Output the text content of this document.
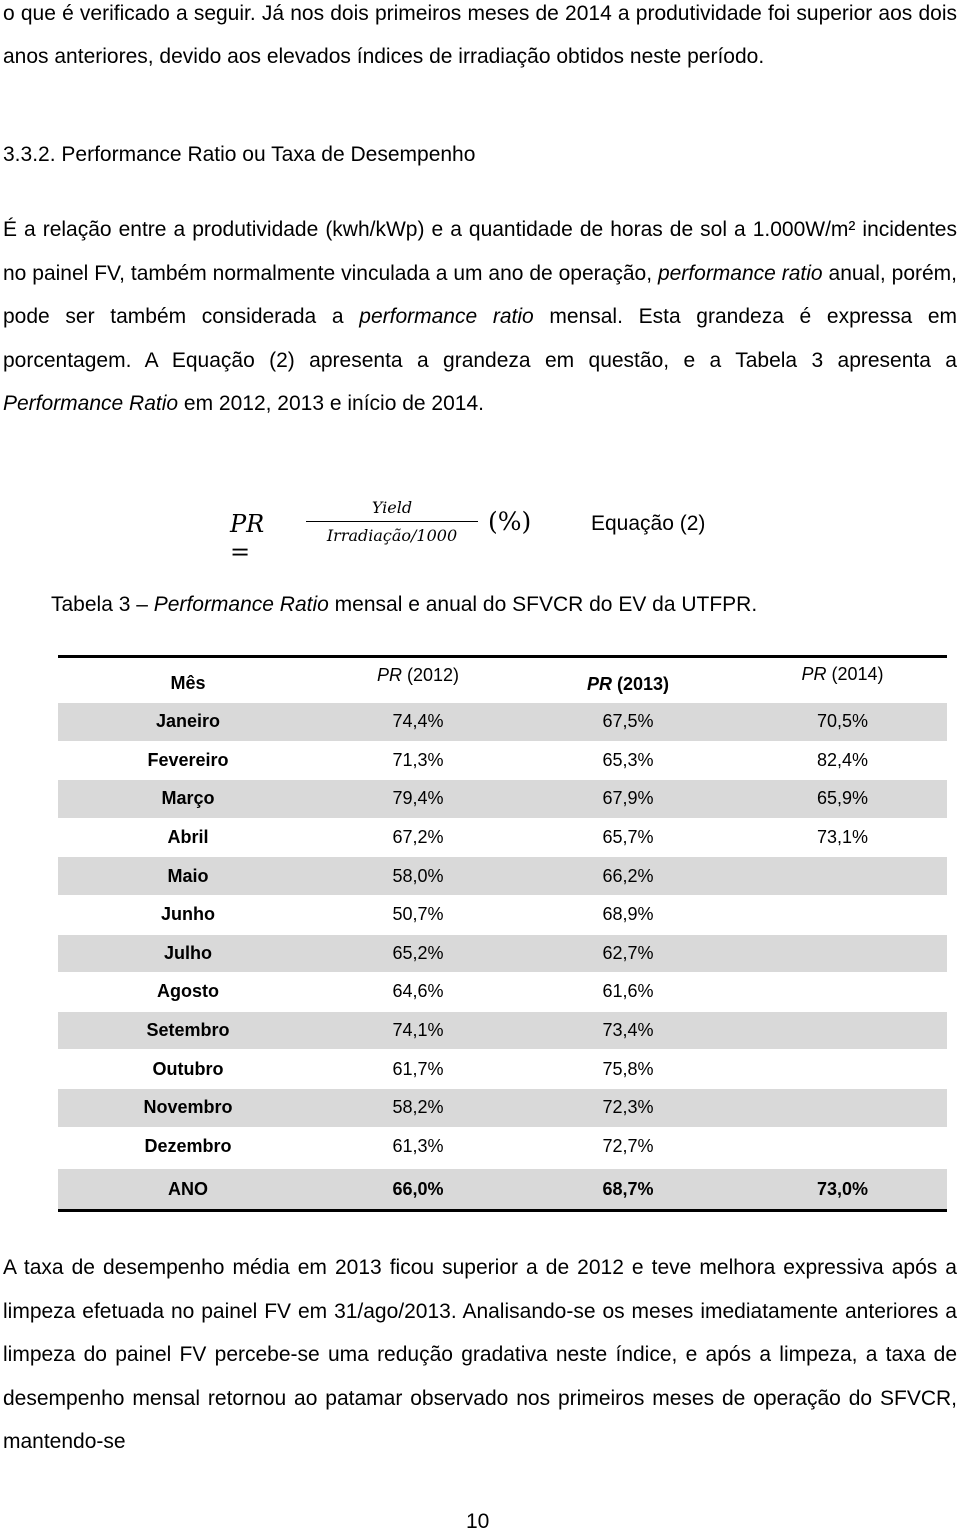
o que é verificado a seguir. Já nos dois primeiros meses de 2014 a produtividade foi superior aos dois anos anteriores, devido aos elevados índices de irradiação obtidos neste período.

3.3.2. Performance Ratio ou Taxa de Desempenho

É a relação entre a produtividade (kwh/kWp) e a quantidade de horas de sol a 1.000W/m² incidentes no painel FV, também normalmente vinculada a um ano de operação, performance ratio anual, porém, pode ser também considerada a performance ratio mensal. Esta grandeza é expressa em porcentagem. A Equação (2) apresenta a grandeza em questão, e a Tabela 3 apresenta a Performance Ratio em 2012, 2013 e início de 2014.

PR =
Yield
Irradiação/1000	(%)	Equação (2)
Tabela 3 – Performance Ratio mensal e anual do SFVCR do EV da UTFPR.
Mês	PR (2012)	PR (2013)	PR (2014)
Janeiro	74,4%	67,5%	70,5%
Fevereiro	71,3%	65,3%	82,4%
Março	79,4%	67,9%	65,9%
Abril	67,2%	65,7%	73,1%
Maio	58,0%	66,2%	
Junho	50,7%	68,9%	
Julho	65,2%	62,7%	
Agosto	64,6%	61,6%	
Setembro	74,1%	73,4%	
Outubro	61,7%	75,8%	
Novembro	58,2%	72,3%	
Dezembro	61,3%	72,7%	
ANO	66,0%	68,7%	73,0%

A taxa de desempenho média em 2013 ficou superior a de 2012 e teve melhora expressiva após a limpeza efetuada no painel FV em 31/ago/2013. Analisando-se os meses imediatamente anteriores a limpeza do painel FV percebe-se uma redução gradativa neste índice, e após a limpeza, a taxa de desempenho mensal retornou ao patamar observado nos primeiros meses de operação do SFVCR, mantendo-se

10
